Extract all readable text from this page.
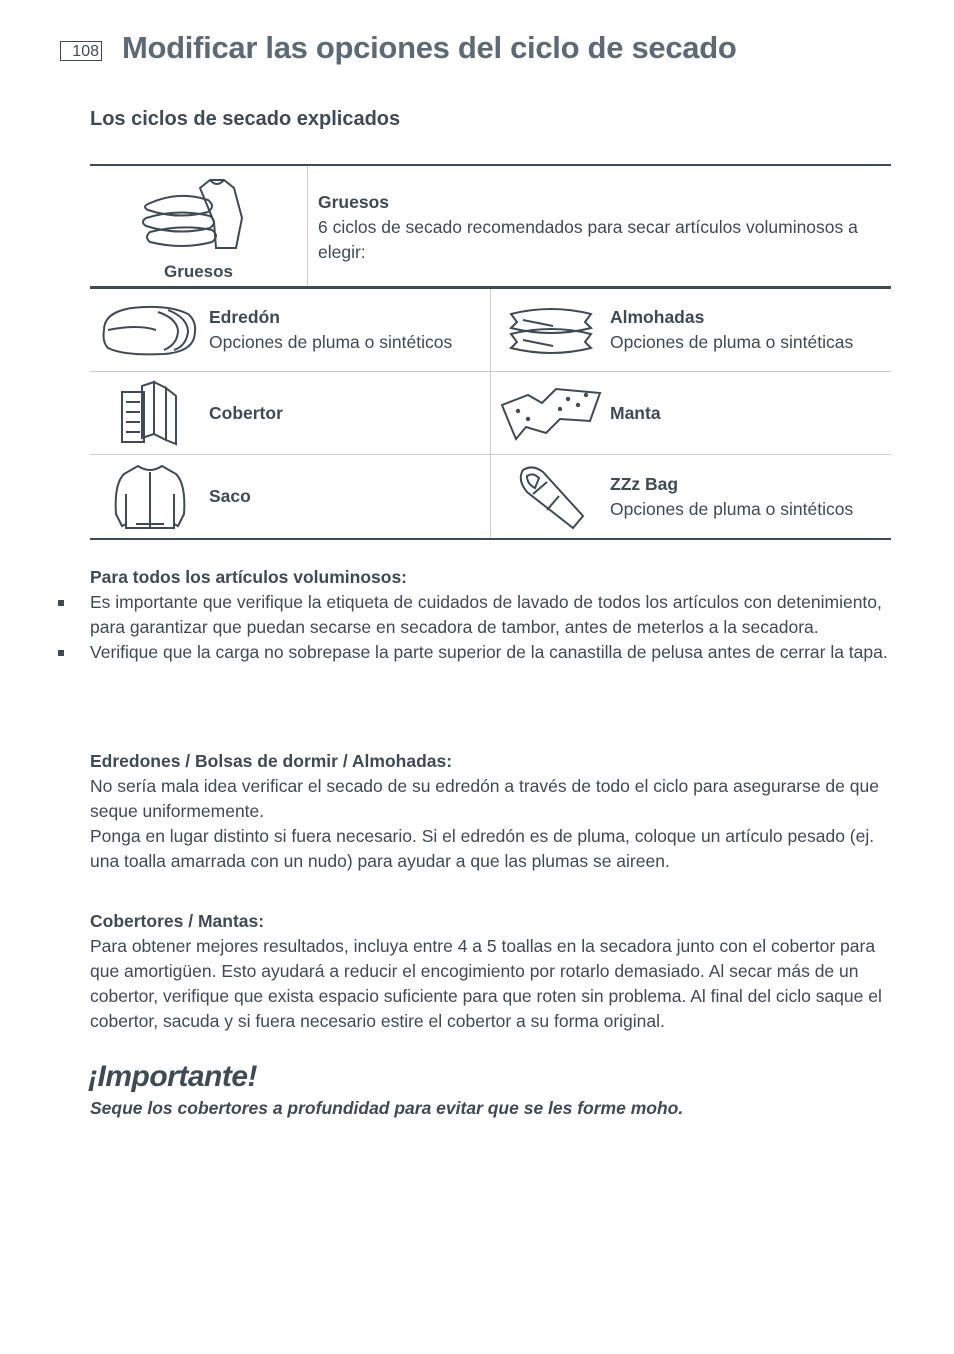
108 Modificar las opciones del ciclo de secado
Los ciclos de secado explicados
Gruesos
Gruesos
6 ciclos de secado recomendados para secar artículos voluminosos a elegir:
Edredón
Opciones de pluma o sintéticos
Almohadas
Opciones de pluma o sintéticas
Cobertor	Manta
Saco
ZZz Bag
Opciones de pluma o sintéticos
Para todos los artículos voluminosos:
Es importante que verifique la etiqueta de cuidados de lavado de todos los artículos con detenimiento, para garantizar que puedan secarse en secadora de tambor, antes de meterlos a la secadora.
Verifique que la carga no sobrepase la parte superior de la canastilla de pelusa antes de cerrar la tapa.
Edredones / Bolsas de dormir / Almohadas:

No sería mala idea verificar el secado de su edredón a través de todo el ciclo para asegurarse de que seque uniformemente.

Ponga en lugar distinto si fuera necesario. Si el edredón es de pluma, coloque un artículo pesado (ej. una toalla amarrada con un nudo) para ayudar a que las plumas se aireen.

Cobertores / Mantas:

Para obtener mejores resultados, incluya entre 4 a 5 toallas en la secadora junto con el cobertor para que amortigüen. Esto ayudará a reducir el encogimiento por rotarlo demasiado. Al secar más de un cobertor, verifique que exista espacio suficiente para que roten sin problema. Al final del ciclo saque el cobertor, sacuda y si fuera necesario estire el cobertor a su forma original.

¡Importante!
Seque los cobertores a profundidad para evitar que se les forme moho.
